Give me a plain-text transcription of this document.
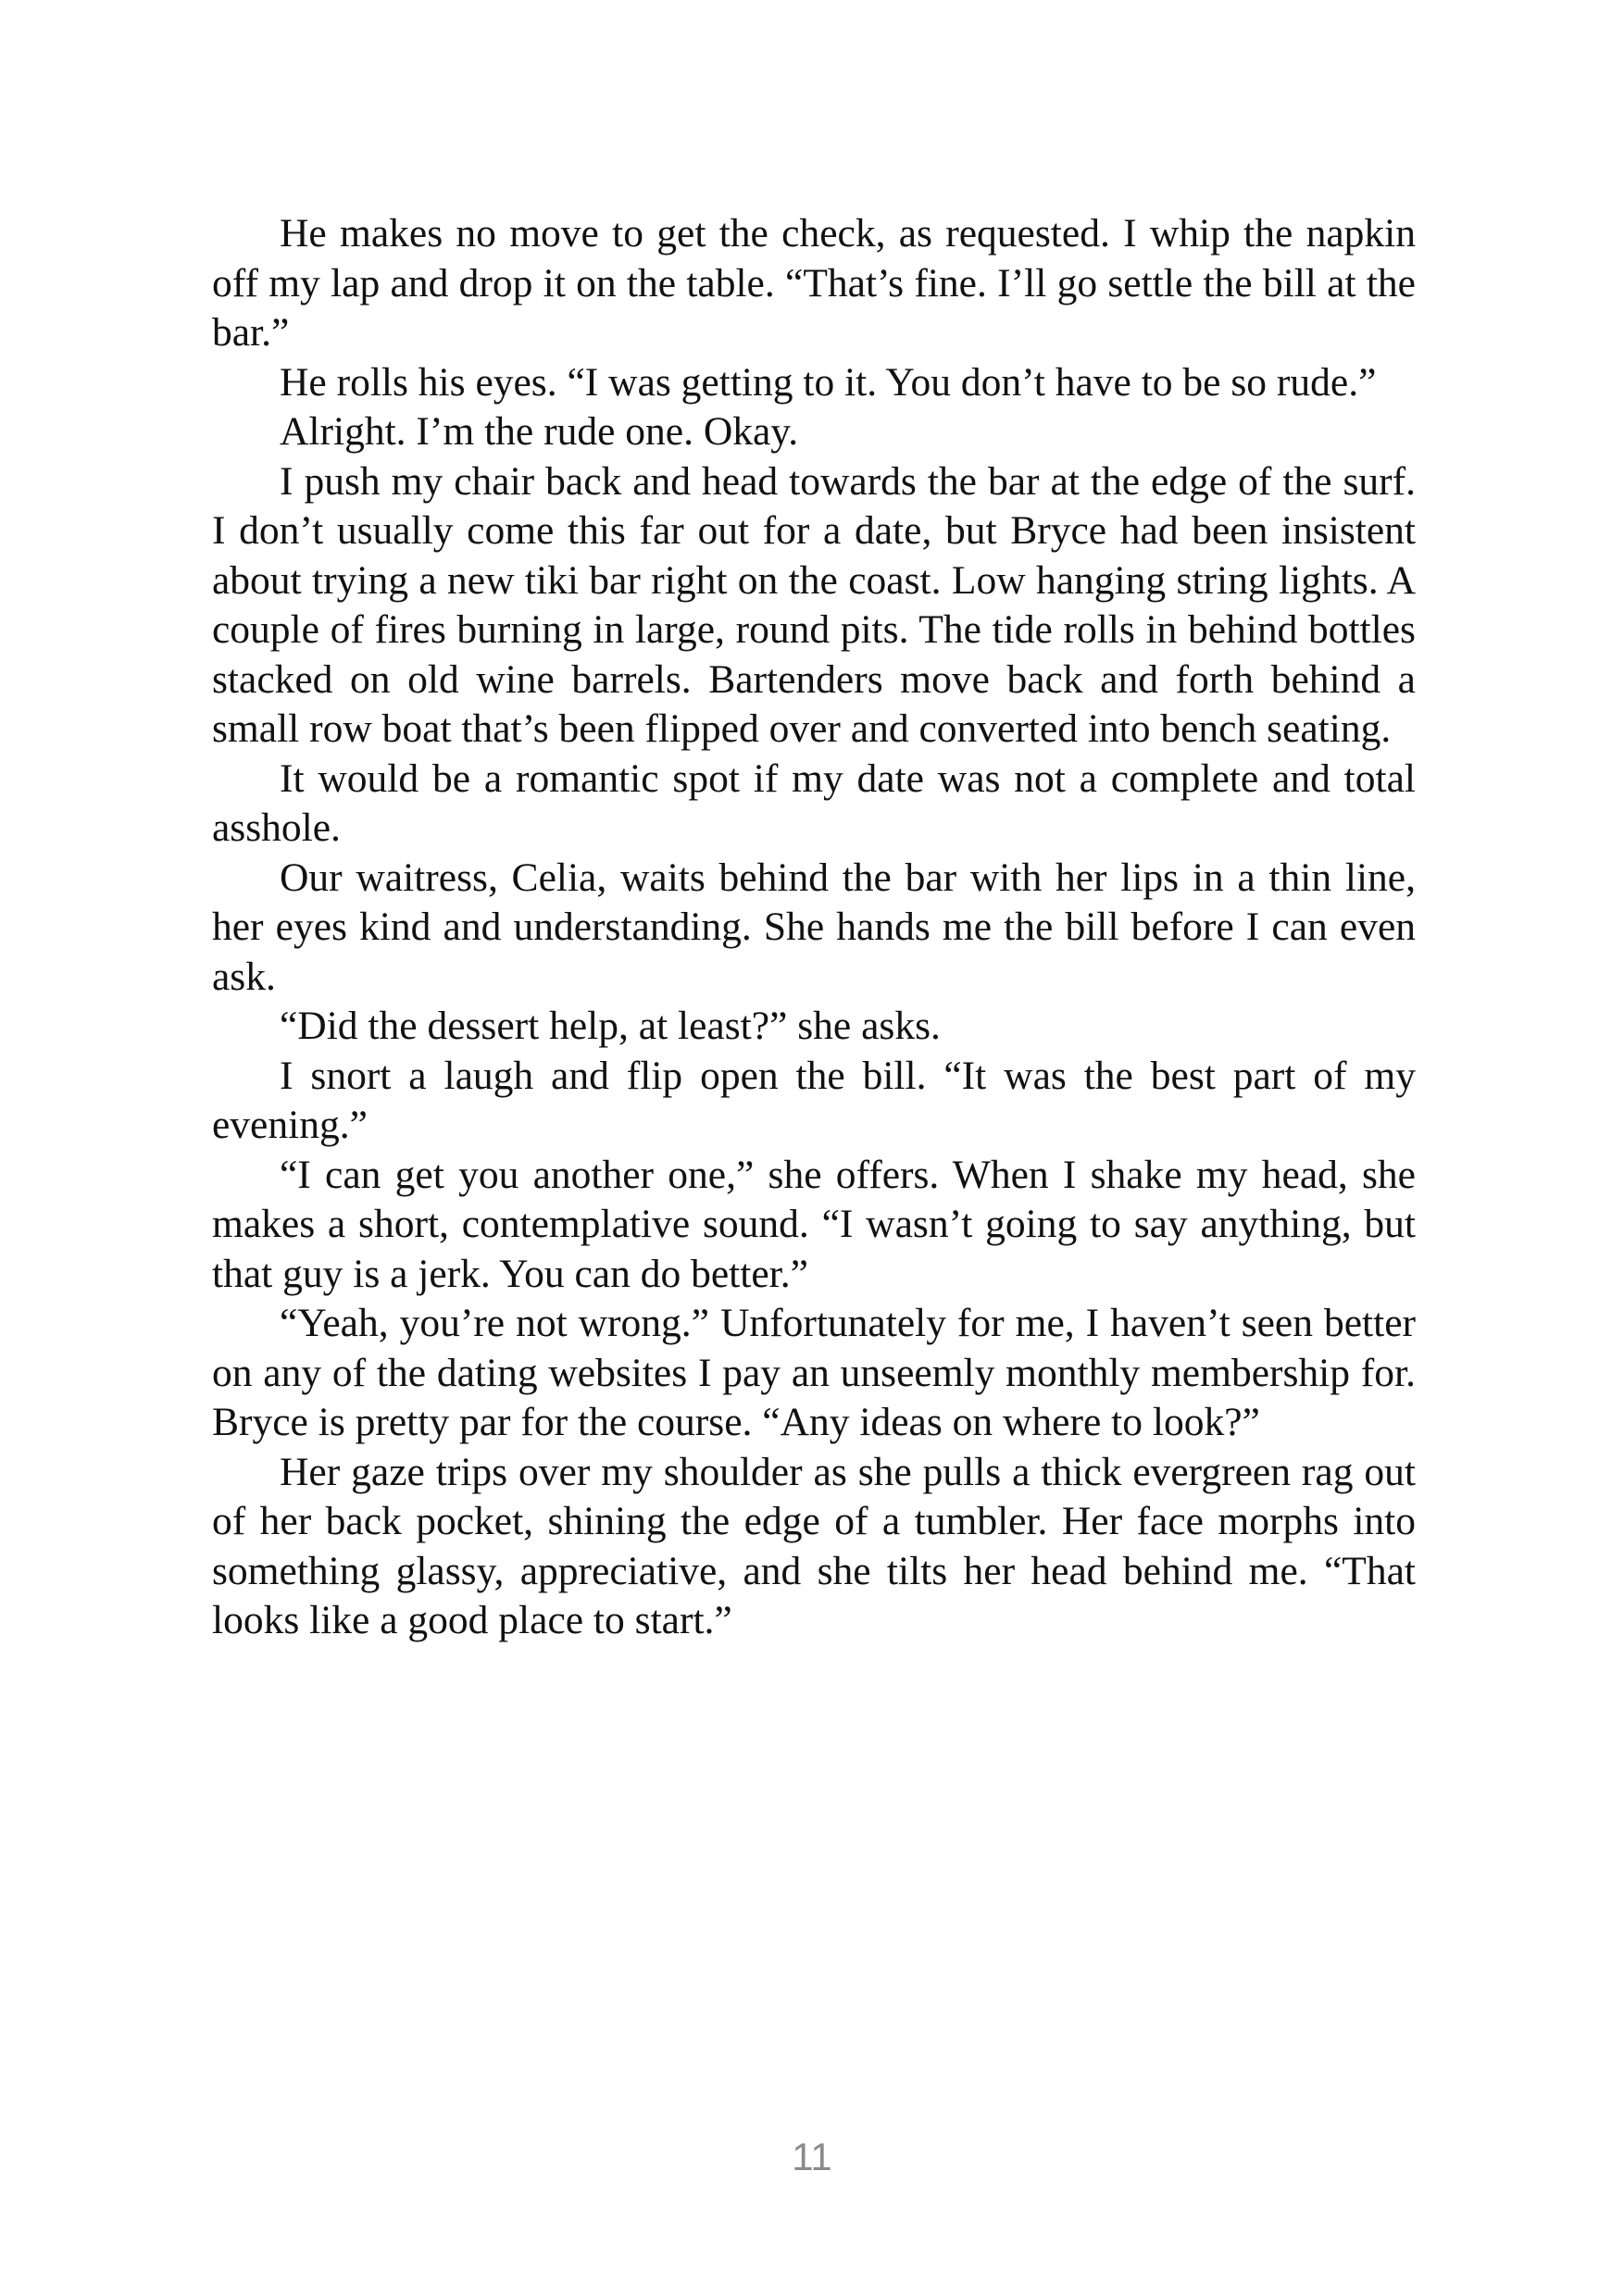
He makes no move to get the check, as requested. I whip the napkin off my lap and drop it on the table. “That’s fine. I’ll go settle the bill at the bar.”

He rolls his eyes. “I was getting to it. You don’t have to be so rude.”

Alright. I’m the rude one. Okay.

I push my chair back and head towards the bar at the edge of the surf. I don’t usually come this far out for a date, but Bryce had been insistent about trying a new tiki bar right on the coast. Low hanging string lights. A couple of fires burning in large, round pits. The tide rolls in behind bottles stacked on old wine barrels. Bartenders move back and forth behind a small row boat that’s been flipped over and converted into bench seating.

It would be a romantic spot if my date was not a complete and total asshole.

Our waitress, Celia, waits behind the bar with her lips in a thin line, her eyes kind and understanding. She hands me the bill before I can even ask.

“Did the dessert help, at least?” she asks.

I snort a laugh and flip open the bill. “It was the best part of my evening.”

“I can get you another one,” she offers. When I shake my head, she makes a short, contemplative sound. “I wasn’t going to say anything, but that guy is a jerk. You can do better.”

“Yeah, you’re not wrong.” Unfortunately for me, I haven’t seen better on any of the dating websites I pay an unseemly monthly membership for. Bryce is pretty par for the course. “Any ideas on where to look?”

Her gaze trips over my shoulder as she pulls a thick evergreen rag out of her back pocket, shining the edge of a tumbler. Her face morphs into something glassy, appreciative, and she tilts her head behind me. “That looks like a good place to start.”

11
